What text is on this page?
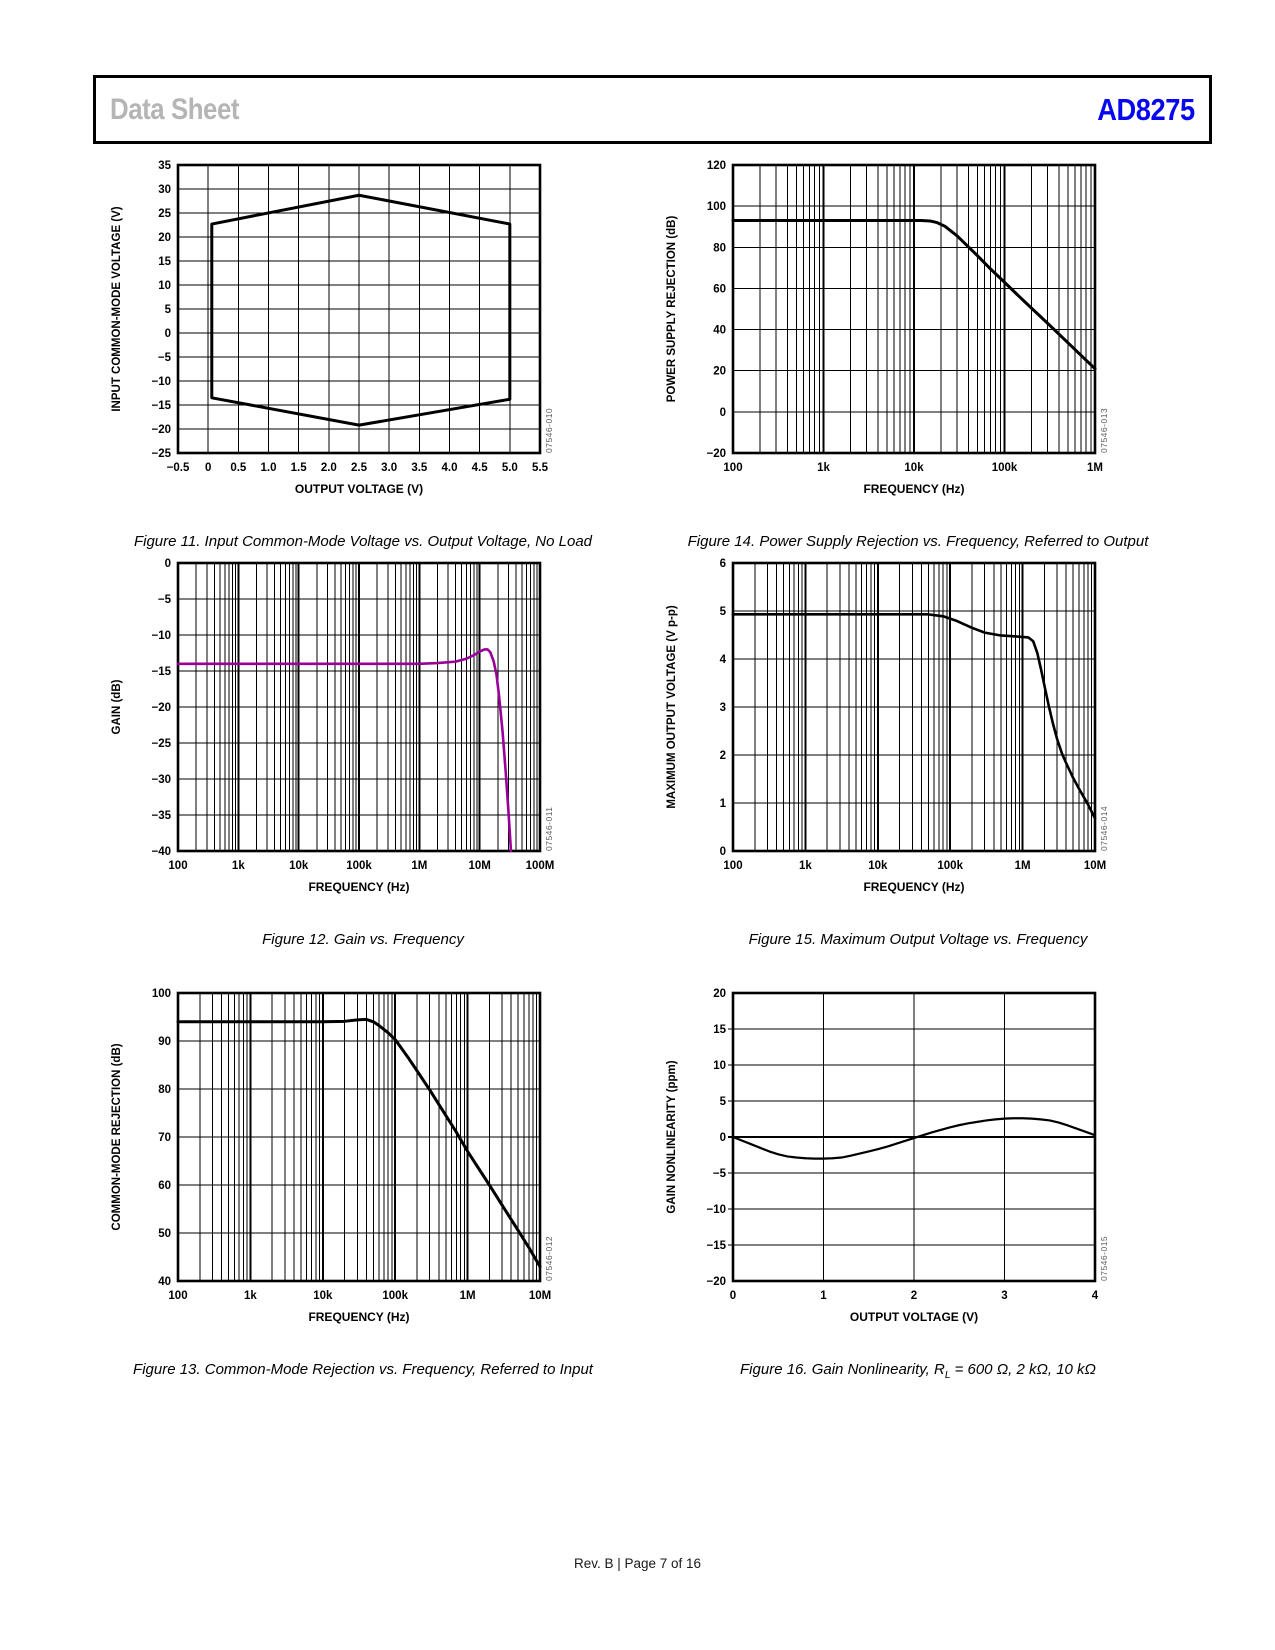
Data Sheet	AD8275
35
30
25
20
15
10
5
0
−5
−10
−15
−20
−25
−0.5 0 0.5 1.0 1.5 2.0 2.5 3.0 3.5 4.0 4.5 5.0 5.5
OUTPUT VOLTAGE (V)
INPUT COMMON-MODE VOLTAGE (V)
07546-010
Figure 11. Input Common-Mode Voltage vs. Output Voltage, No Load
120
100
80
60
40
20
0
−20
100	1k	10k	100k	1M
FREQUENCY (Hz)
POWER SUPPLY REJECTION (dB)
07546-013
Figure 14. Power Supply Rejection vs. Frequency, Referred to Output
0
−5
−10
−15
−20
−25
−30
−35
−40
100	1k	10k	100k	1M	10M	100M
FREQUENCY (Hz)
GAIN (dB)
07546-011
Figure 12. Gain vs. Frequency
6
5
4
3
2
1
0
100	1k	10k	100k	1M	10M
FREQUENCY (Hz)
MAXIMUM OUTPUT VOLTAGE (V p-p)
07546-014
Figure 15. Maximum Output Voltage vs. Frequency
100
90
80
70
60
50
40
100	1k	10k	100k	1M	10M
FREQUENCY (Hz)
COMMON-MODE REJECTION (dB)
07546-012
Figure 13. Common-Mode Rejection vs. Frequency, Referred to Input
20
15
10
5
0
−5
−10
−15
−20
0	1	2	3	4
OUTPUT VOLTAGE (V)
GAIN NONLINEARITY (ppm)
07546-015
Figure 16. Gain Nonlinearity, $R_L = 600$ Ω, 2 kΩ, 10 kΩ
Rev. B | Page 7 of 16
